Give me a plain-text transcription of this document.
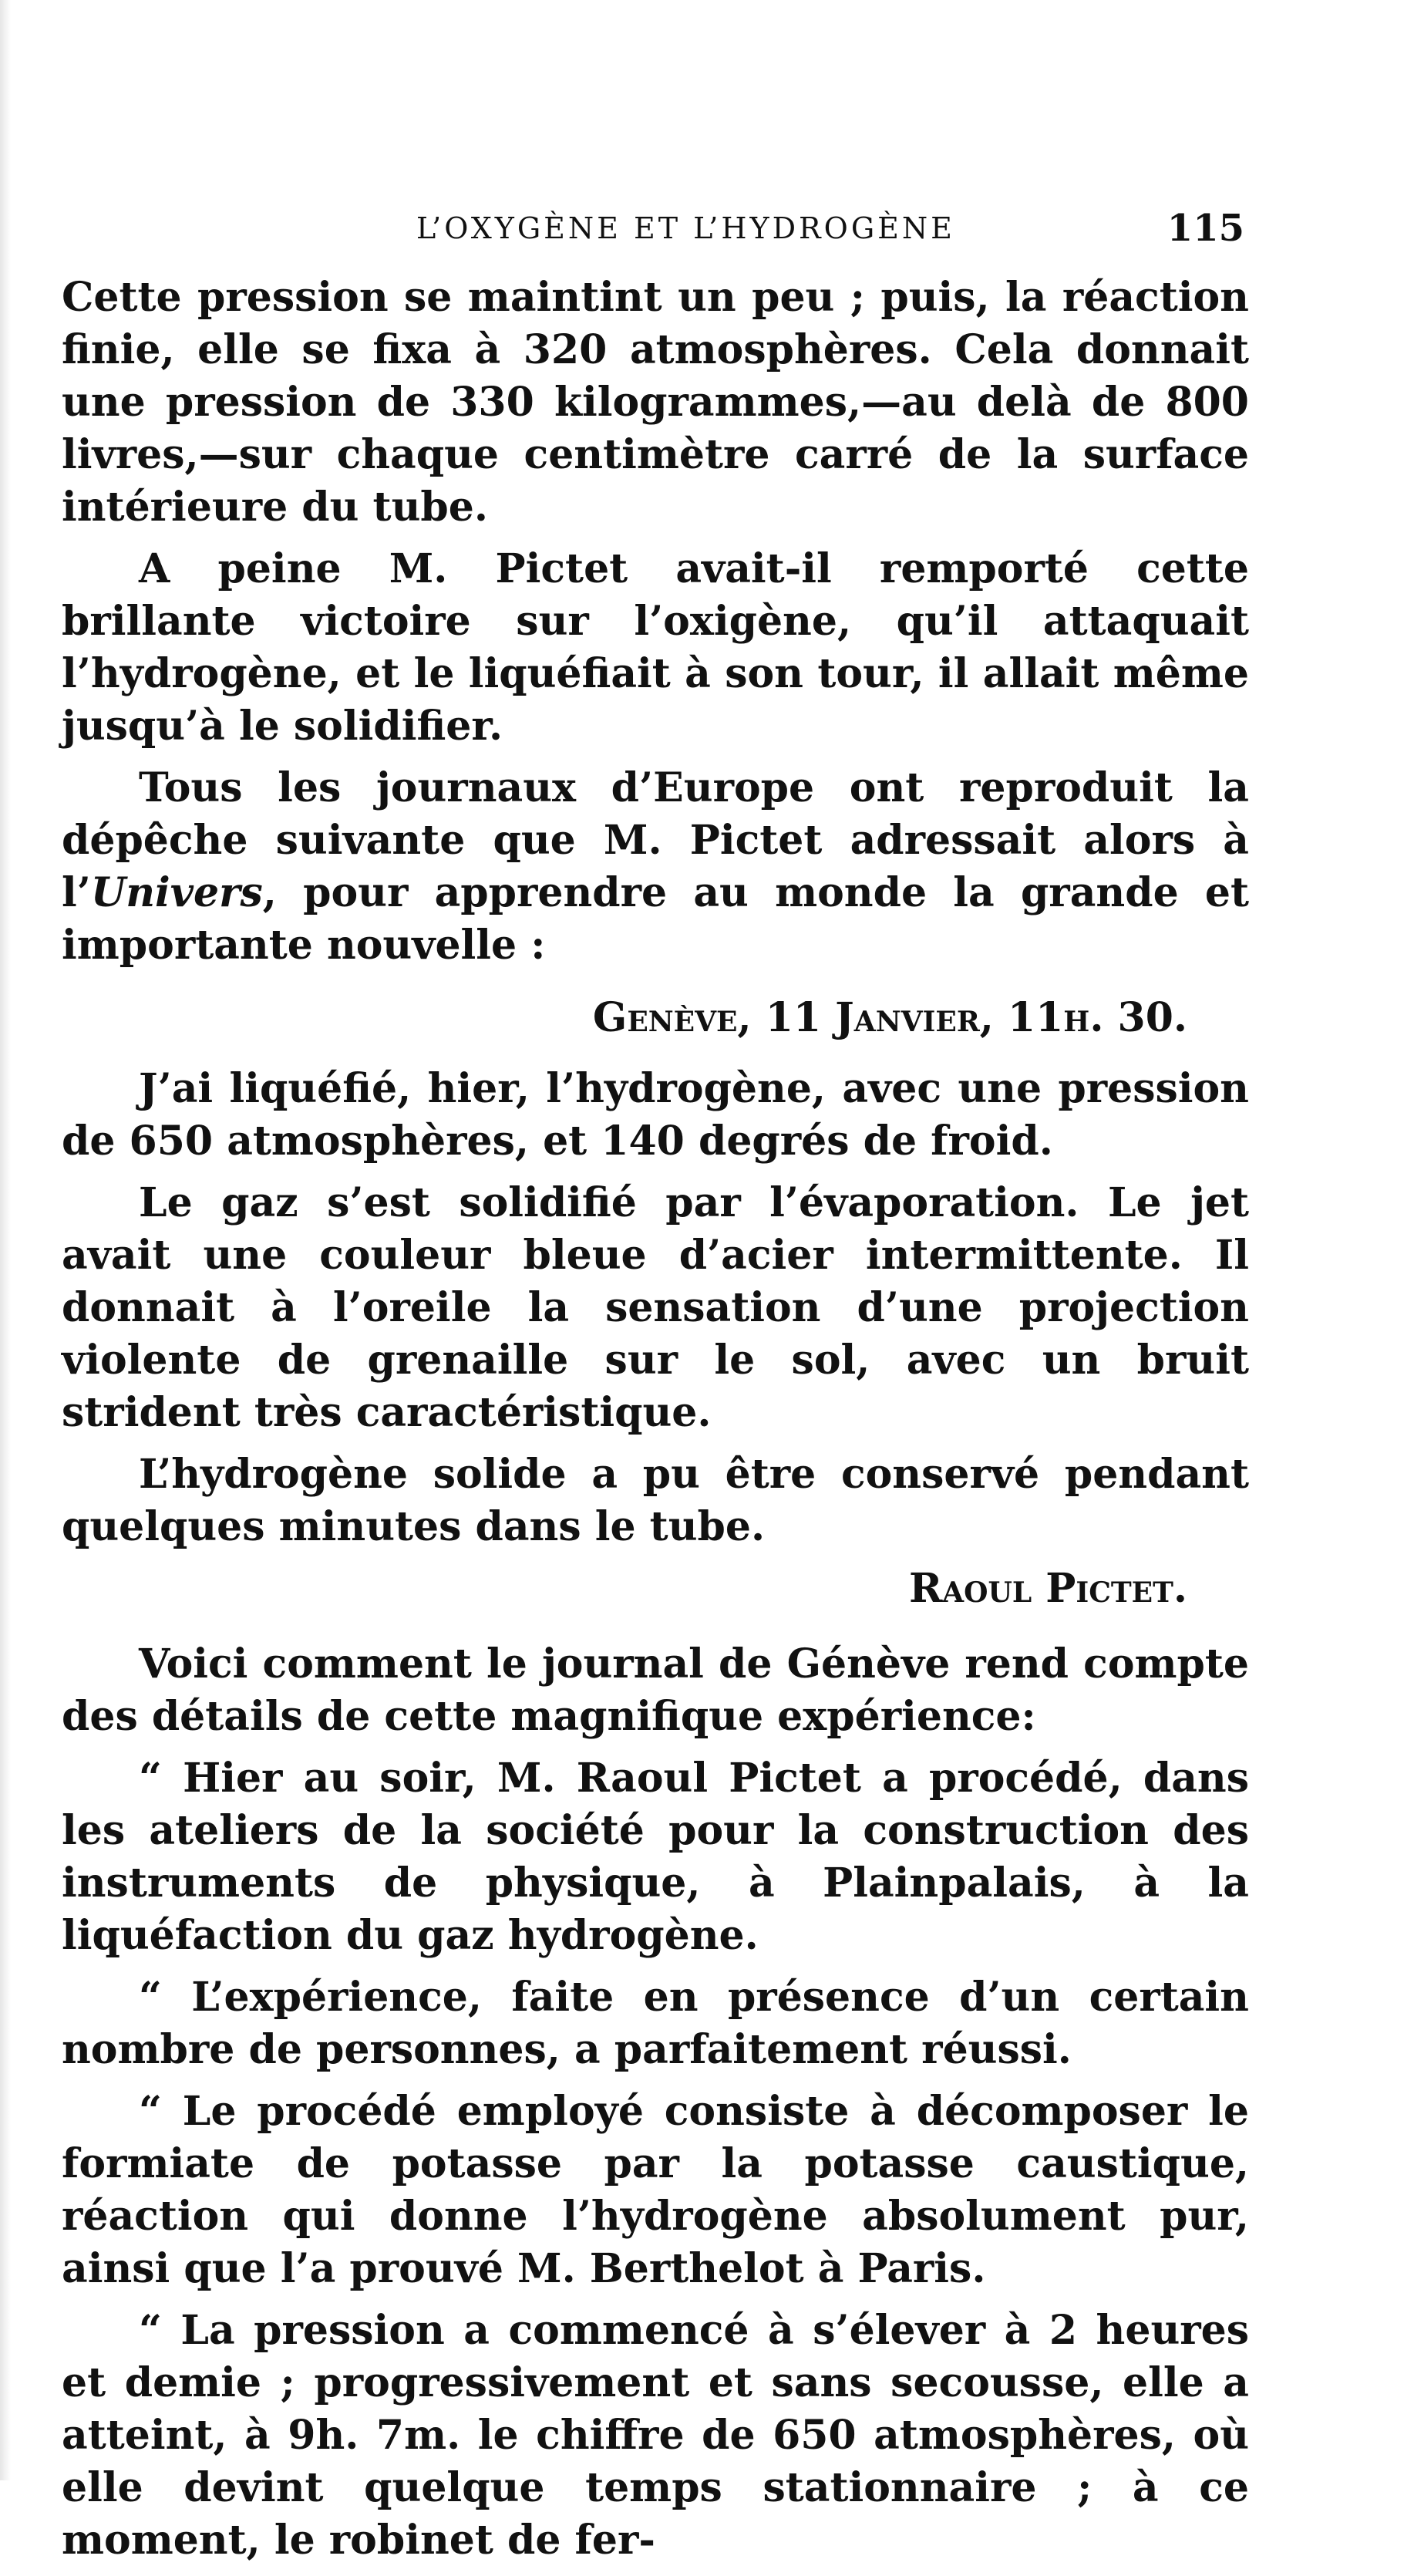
L’OXYGÈNE ET L’HYDROGÈNE	115

Cette pression se maintint un peu ; puis, la réaction finie, elle se fixa à 320 atmosphères. Cela donnait une pression de 330 kilogrammes,—au delà de 800 livres,—sur chaque centimètre carré de la surface intérieure du tube.

A peine M. Pictet avait-il remporté cette brillante victoire sur l’oxigène, qu’il attaquait l’hydrogène, et le liquéfiait à son tour, il allait même jusqu’à le solidifier.

Tous les journaux d’Europe ont reproduit la dépêche suivante que M. Pictet adressait alors à l’Univers, pour apprendre au monde la grande et importante nouvelle :

Genève, 11 Janvier, 11h. 30.

J’ai liquéfié, hier, l’hydrogène, avec une pression de 650 atmosphères, et 140 degrés de froid.

Le gaz s’est solidifié par l’évaporation. Le jet avait une couleur bleue d’acier intermittente. Il donnait à l’oreile la sensation d’une projection violente de grenaille sur le sol, avec un bruit strident très caractéristique.

L’hydrogène solide a pu être conservé pendant quelques minutes dans le tube.

Raoul Pictet.

Voici comment le journal de Génève rend compte des détails de cette magnifique expérience:

“ Hier au soir, M. Raoul Pictet a procédé, dans les ateliers de la société pour la construction des instruments de physique, à Plainpalais, à la liquéfaction du gaz hydrogène.

“ L’expérience, faite en présence d’un certain nombre de personnes, a parfaitement réussi.

“ Le procédé employé consiste à décomposer le formiate de potasse par la potasse caustique, réaction qui donne l’hydrogène absolument pur, ainsi que l’a prouvé M. Berthelot à Paris.

“ La pression a commencé à s’élever à 2 heures et demie ; progressivement et sans secousse, elle a atteint, à 9h. 7m. le chiffre de 650 atmosphères, où elle devint quelque temps stationnaire ; à ce moment, le robinet de fer-
